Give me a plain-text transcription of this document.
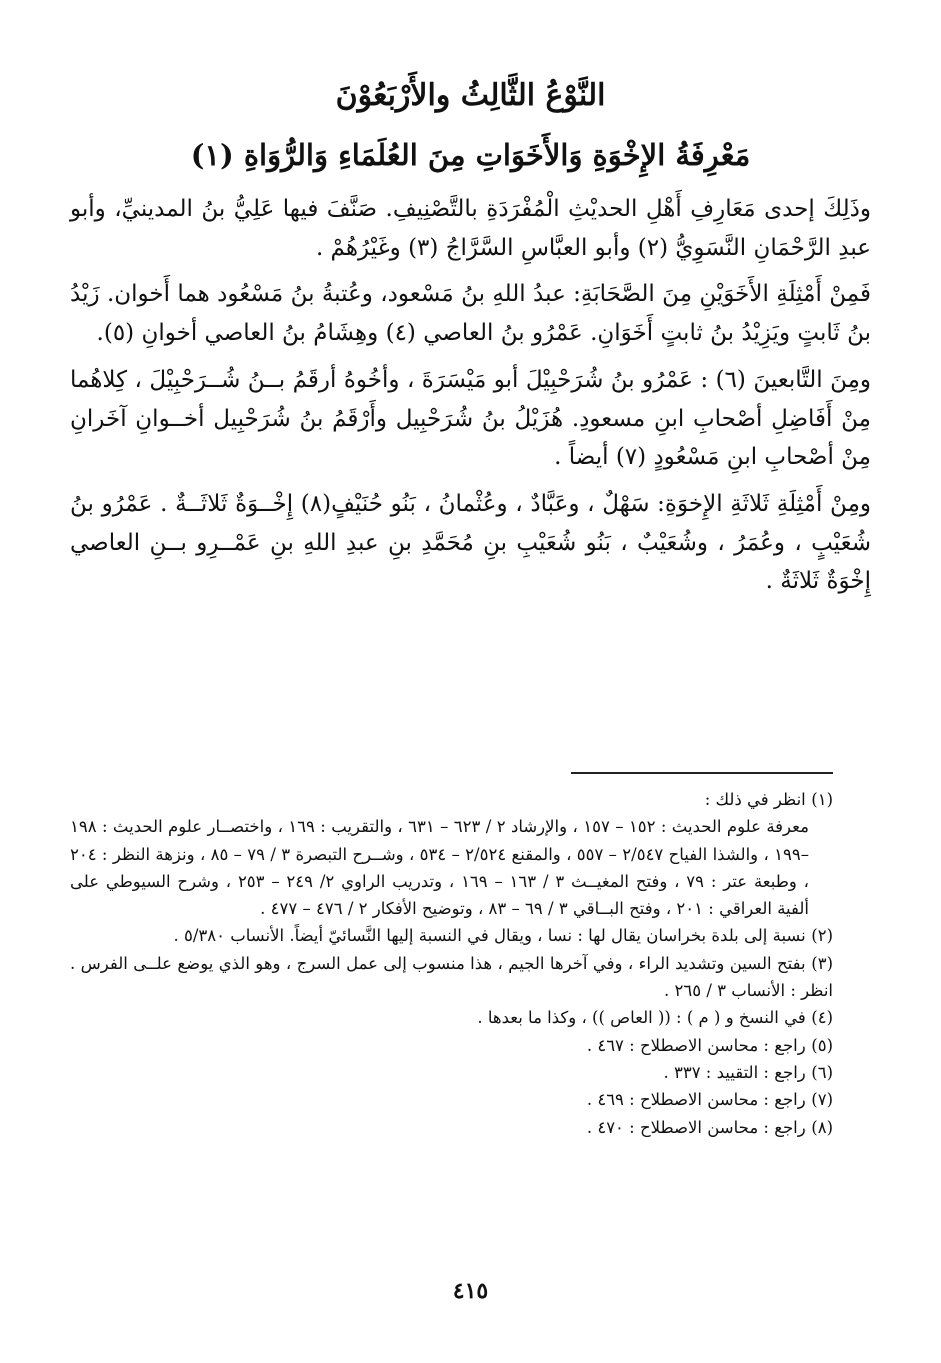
النَّوْعُ الثَّالِثُ والأَرْبَعُوْنَ
مَعْرِفَةُ الإِخْوَةِ وَالأَخَوَاتِ مِنَ العُلَمَاءِ وَالرُّوَاةِ (١)

وذَلِكَ إحدى مَعَارِفِ أَهْلِ الحديْثِ الْمُفْرَدَةِ بالتَّصْنِيفِ. صَنَّفَ فيها عَلِيُّ بنُ المدينيِّ، وأبو عبدِ الرَّحْمَانِ النَّسَوِيُّ (٢) وأبو العبَّاسِ السَّرَّاجُ (٣) وغَيْرُهُمْ .

فَمِنْ أَمْثِلَةِ الأَخَوَيْنِ مِنَ الصَّحَابَةِ: عبدُ اللهِ بنُ مَسْعود، وعُتبةُ بنُ مَسْعُود هما أَخوان. زَيْدُ بنُ ثَابتٍ ويَزِيْدُ بنُ ثابتٍ أَخَوَانِ. عَمْرُو بنُ العاصي (٤) وهِشَامُ بنُ العاصي أخوانِ (٥).

ومِنَ التَّابعينَ (٦) : عَمْرُو بنُ شُرَحْبِيْلَ أبو مَيْسَرَةَ ، وأخُوهُ أرقَمُ بــنُ شُــرَحْبِيْلَ ، كِلاهُما مِنْ أَفَاضِلِ أصْحابِ ابنِ مسعودِ. هُزَيْلُ بنُ شُرَحْبِيل وأَرْقَمُ بنُ شُرَحْبِيل أخــوانِ آخَرانِ مِنْ أصْحابِ ابنِ مَسْعُودٍ (٧) أيضاً .

ومِنْ أَمْثِلَةِ ثَلاثَةِ الإِخوَةِ: سَهْلٌ ، وعَبَّادٌ ، وعُثْمانُ ، بَنُو حُنَيْفٍ(٨) إِخْــوَةٌ ثَلاثَــةٌ . عَمْرُو بنُ شُعَيْبٍ ، وعُمَرُ ، وشُعَيْبٌ ، بَنُو شُعَيْبِ بنِ مُحَمَّدِ بنِ عبدِ اللهِ بنِ عَمْــرِو بــنِ العاصي إِخْوَةٌ ثَلاثَةٌ .

(١) انظر في ذلك :
معرفة علوم الحديث : ١٥٢ – ١٥٧ ، والإرشاد ٢ / ٦٢٣ – ٦٣١ ، والتقريب : ١٦٩ ، واختصــار علوم الحديث : ١٩٨ –١٩٩ ، والشذا الفياح ٢/٥٤٧ – ٥٥٧ ، والمقنع ٢/٥٢٤ – ٥٣٤ ، وشــرح التبصرة ٣ / ٧٩ – ٨٥ ، ونزهة النظر : ٢٠٤ ، وطبعة عتر : ٧٩ ، وفتح المغيــث ٣ / ١٦٣ – ١٦٩ ، وتدريب الراوي ٢/ ٢٤٩ – ٢٥٣ ، وشرح السيوطي على ألفية العراقي : ٢٠١ ، وفتح البــاقي ٣ / ٦٩ – ٨٣ ، وتوضيح الأفكار ٢ / ٤٧٦ – ٤٧٧ .
(٢) نسبة إلى بلدة بخراسان يقال لها : نسا ، ويقال في النسبة إليها النَّسائيّ أيضاً. الأنساب ٥/٣٨٠ .
(٣) بفتح السين وتشديد الراء ، وفي آخرها الجيم ، هذا منسوب إلى عمل السرج ، وهو الذي يوضع علــى الفرس . انظر : الأنساب ٣ / ٢٦٥ .
(٤) في النسخ و ( م ) : (( العاص )) ، وكذا ما بعدها .
(٥) راجع : محاسن الاصطلاح : ٤٦٧ .
(٦) راجع : التقييد : ٣٣٧ .
(٧) راجع : محاسن الاصطلاح : ٤٦٩ .
(٨) راجع : محاسن الاصطلاح : ٤٧٠ .
٤١٥
